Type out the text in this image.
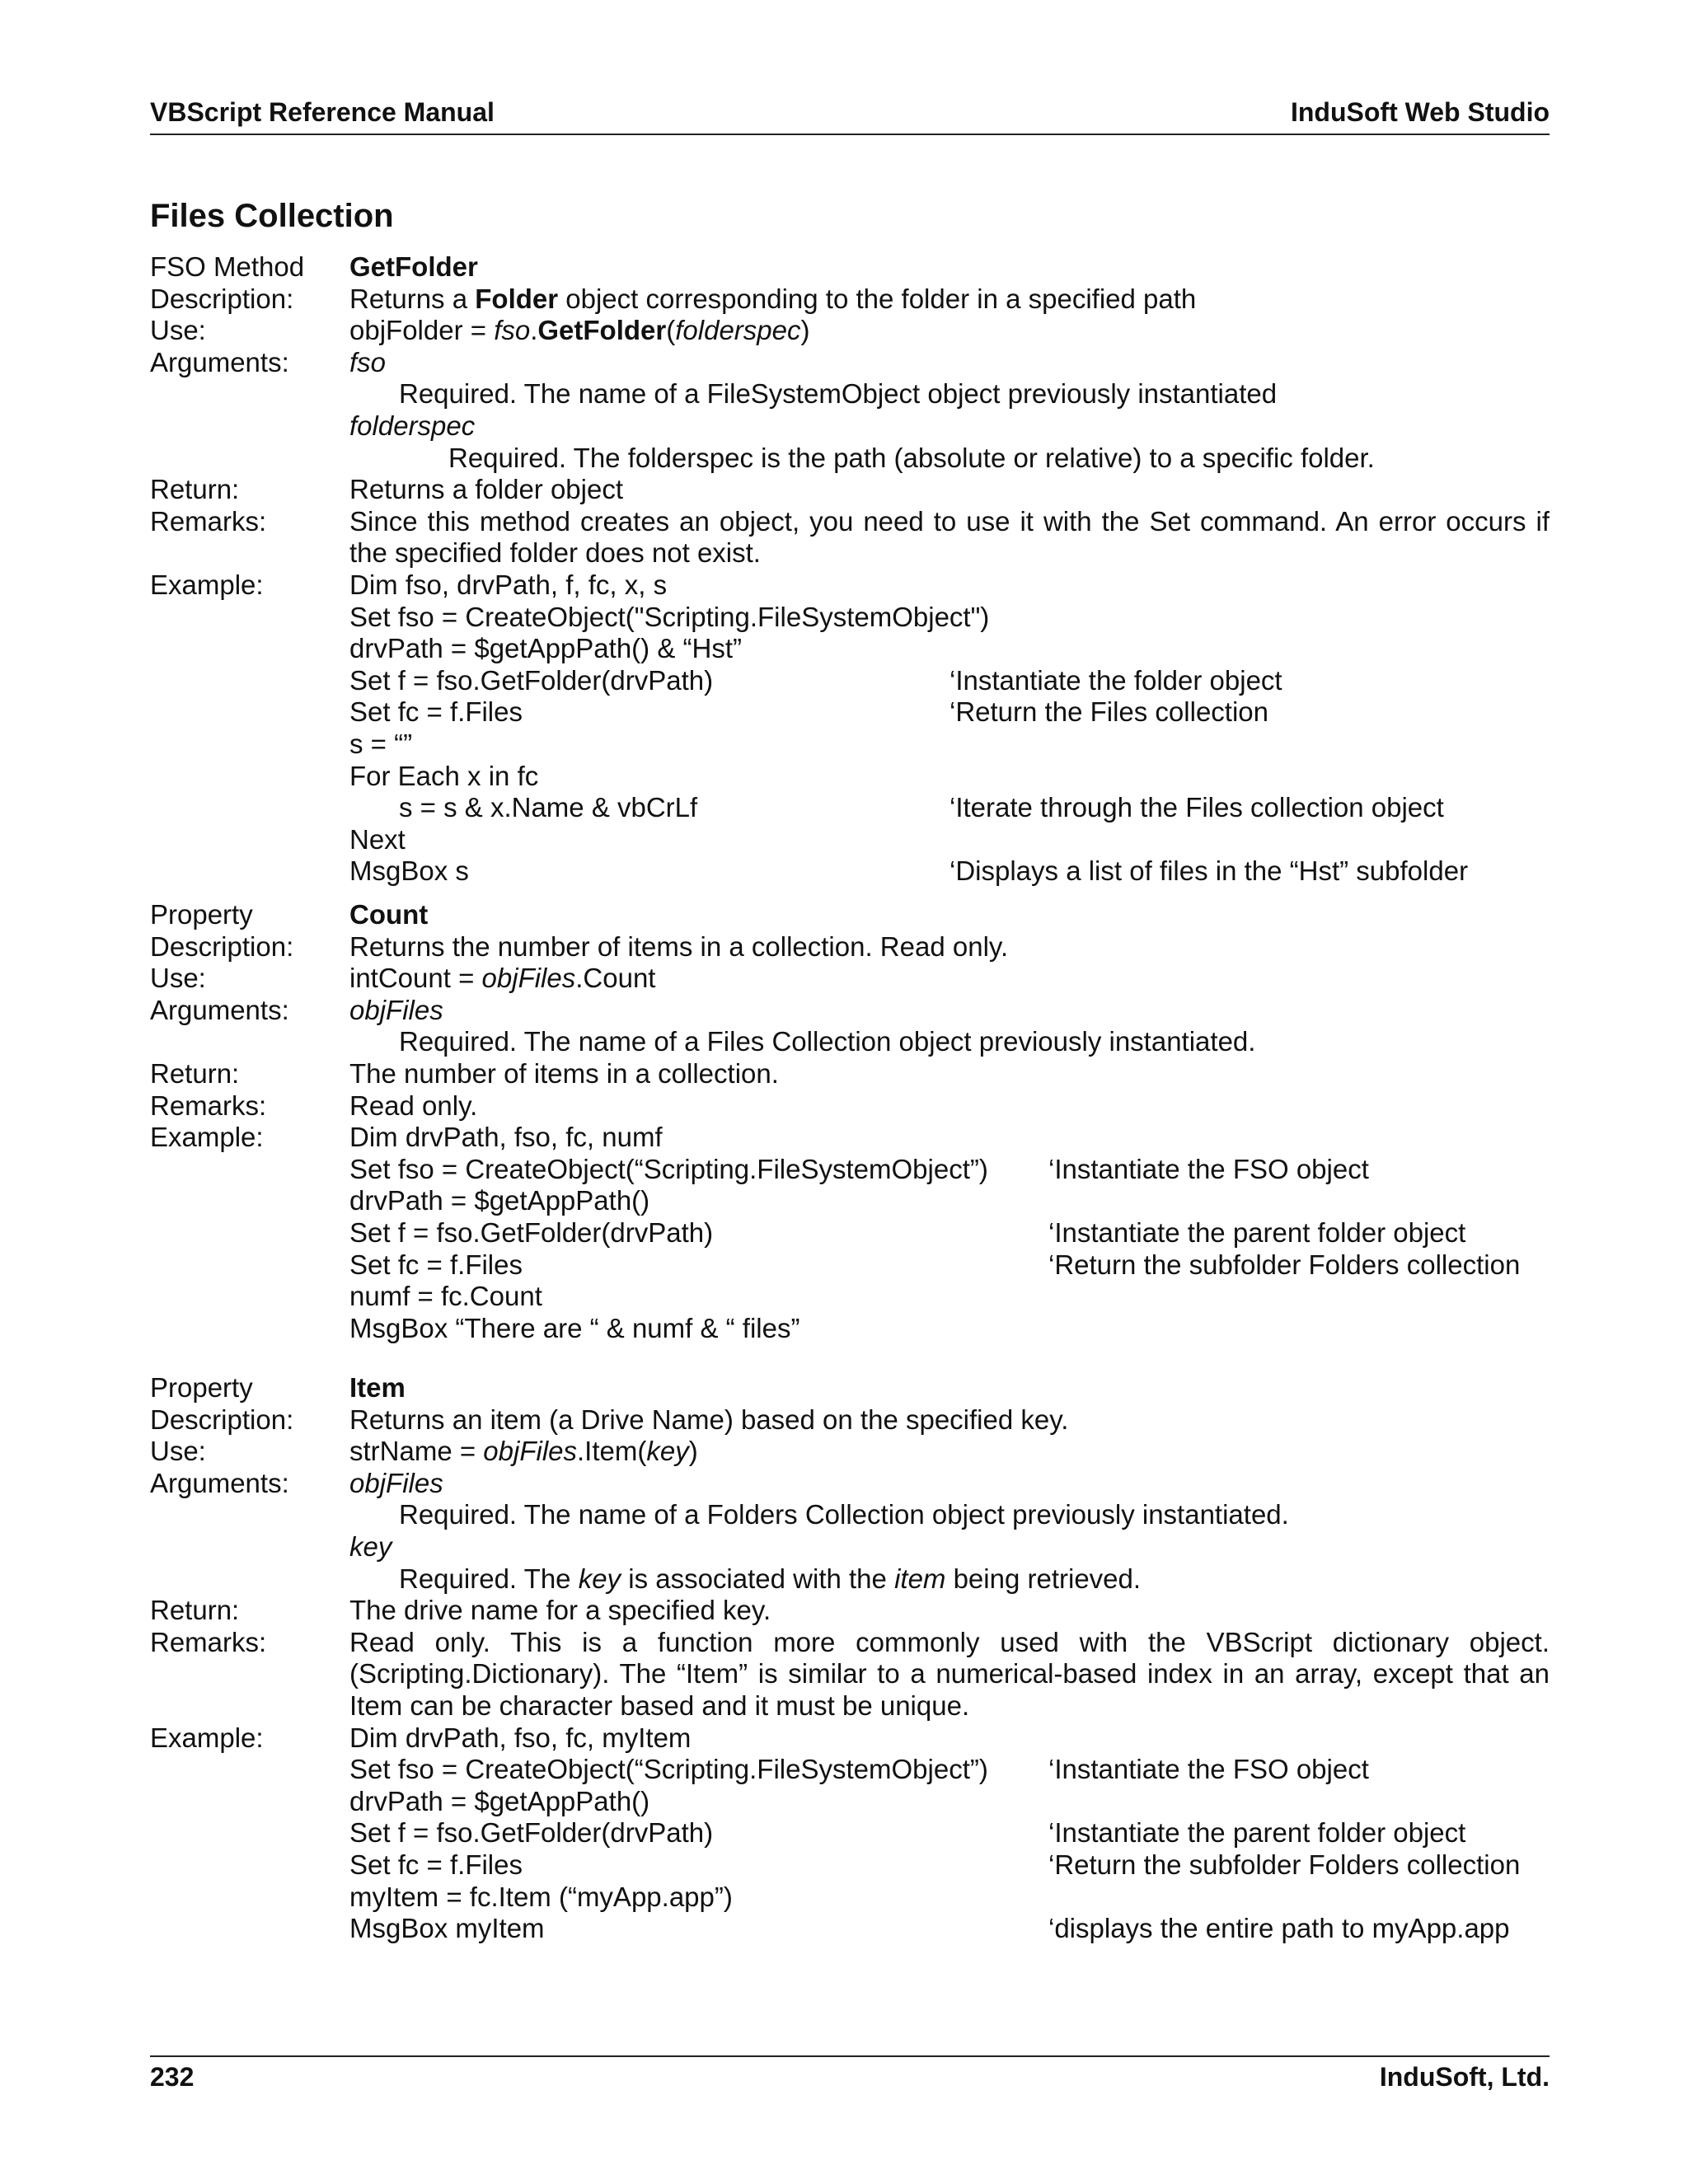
VBScript Reference Manual	InduSoft Web Studio
Files Collection
FSO Method GetFolder
Description: Returns a Folder object corresponding to the folder in a specified path
Use:	objFolder = fso.GetFolder(folderspec)
Arguments: fso
Required. The name of a FileSystemObject object previously instantiated
folderspec
Required. The folderspec is the path (absolute or relative) to a specific folder.
Return:	Returns a folder object
Remarks:	Since this method creates an object, you need to use it with the Set command. An error occurs if
the specified folder does not exist.
Example:	Dim fso, drvPath, f, fc, x, s
Set fso = CreateObject("Scripting.FileSystemObject")
drvPath = $getAppPath() & “Hst”
Set f = fso.GetFolder(drvPath)	‘Instantiate the folder object
Set fc = f.Files	‘Return the Files collection
s = “”
For Each x in fc
s = s & x.Name & vbCrLf	‘Iterate through the Files collection object
Next
MsgBox s	‘Displays a list of files in the “Hst” subfolder
Property	Count
Description: Returns the number of items in a collection. Read only.
Use:	intCount = objFiles.Count
Arguments: objFiles
Required. The name of a Files Collection object previously instantiated.
Return:	The number of items in a collection.
Remarks:	Read only.
Example:	Dim drvPath, fso, fc, numf
Set fso = CreateObject(“Scripting.FileSystemObject”) ‘Instantiate the FSO object
drvPath = $getAppPath()
Set f = fso.GetFolder(drvPath)	‘Instantiate the parent folder object
Set fc = f.Files	‘Return the subfolder Folders collection
numf = fc.Count
MsgBox “There are “ & numf & “ files”
Property	Item
Description: Returns an item (a Drive Name) based on the specified key.
Use:	strName = objFiles.Item(key)
Arguments: objFiles
Required. The name of a Folders Collection object previously instantiated.
key
Required. The key is associated with the item being retrieved.
Return:	The drive name for a specified key.
Remarks:	Read only. This is a function more commonly used with the VBScript dictionary object.
(Scripting.Dictionary). The “Item” is similar to a numerical-based index in an array, except that an
Item can be character based and it must be unique.
Example:	Dim drvPath, fso, fc, myItem
Set fso = CreateObject(“Scripting.FileSystemObject”) ‘Instantiate the FSO object
drvPath = $getAppPath()
Set f = fso.GetFolder(drvPath)	‘Instantiate the parent folder object
Set fc = f.Files	‘Return the subfolder Folders collection
myItem = fc.Item (“myApp.app”)
MsgBox myItem	‘displays the entire path to myApp.app
232	InduSoft, Ltd.
